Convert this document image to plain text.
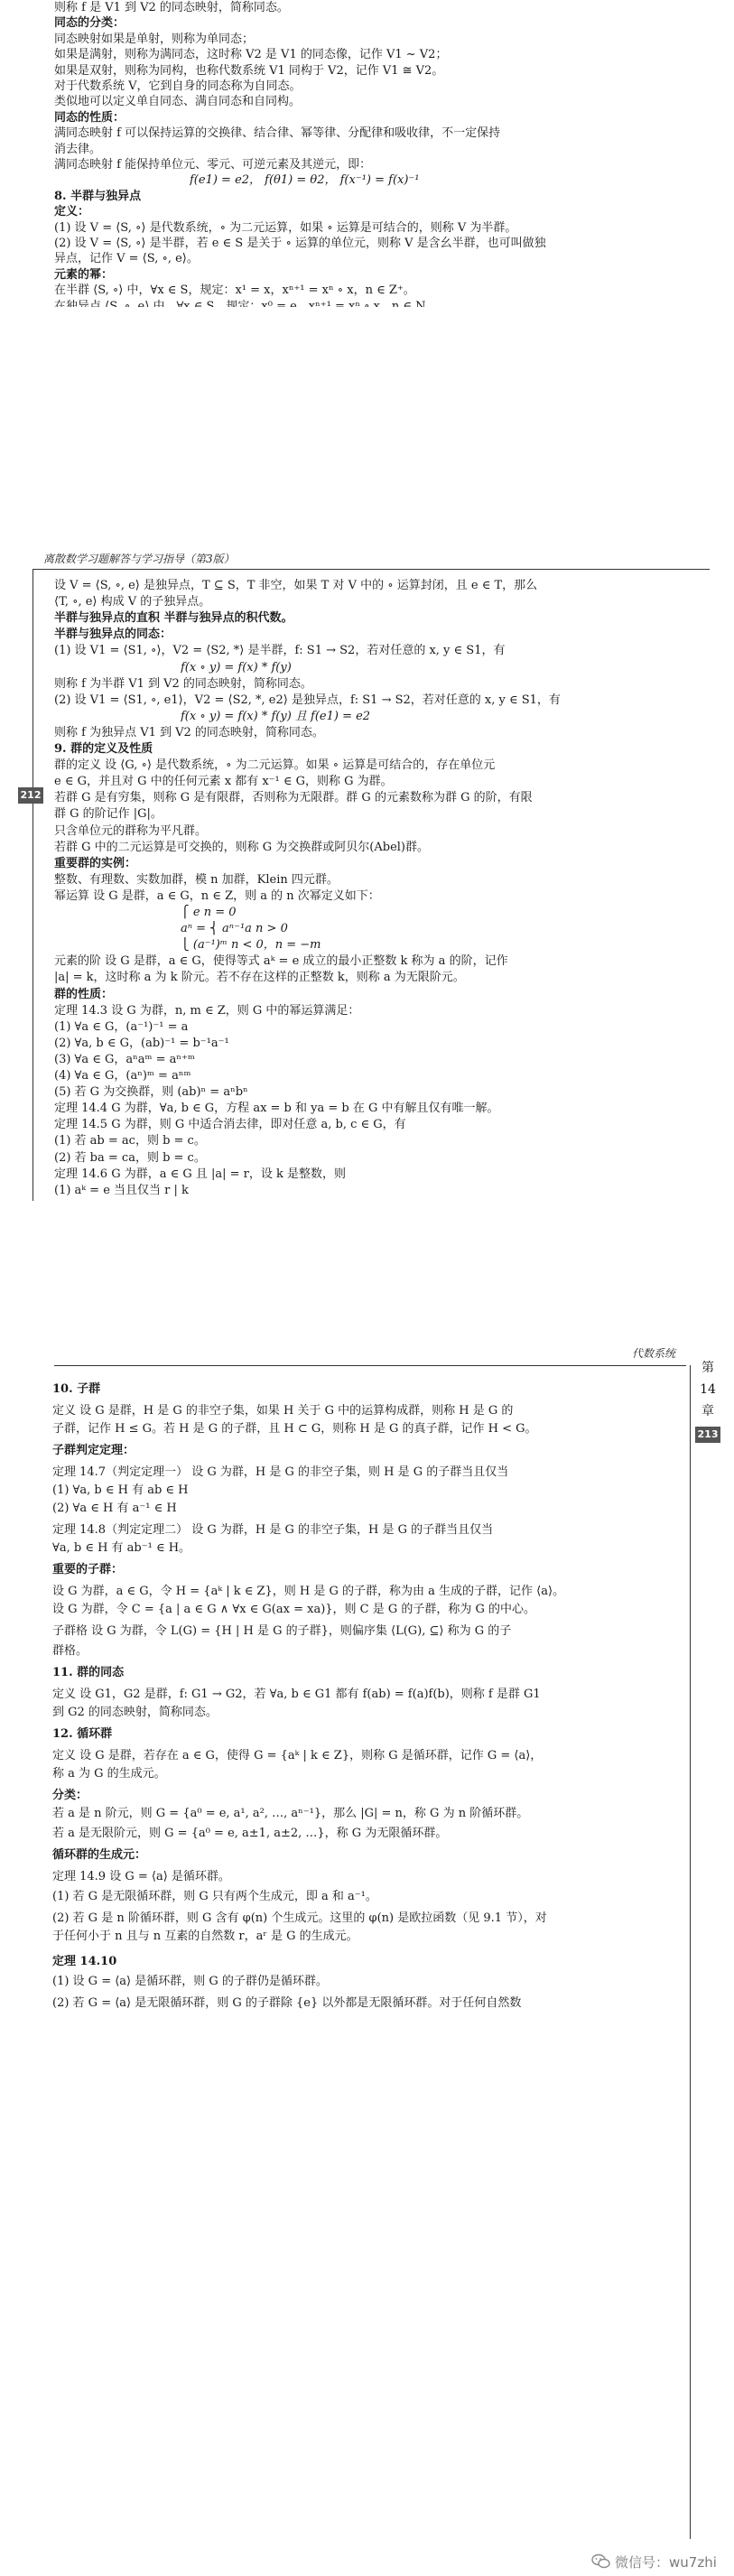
则称 f 是 V1 到 V2 的同态映射，简称同态。
同态的分类：
同态映射如果是单射，则称为单同态；
如果是满射，则称为满同态，这时称 V2 是 V1 的同态像，记作 V1 ~ V2；
如果是双射，则称为同构，也称代数系统 V1 同构于 V2，记作 V1 ≅ V2。
对于代数系统 V，它到自身的同态称为自同态。
类似地可以定义单自同态、满自同态和自同构。
同态的性质：
满同态映射 f 可以保持运算的交换律、结合律、幂等律、分配律和吸收律，不一定保持
消去律。
满同态映射 f 能保持单位元、零元、可逆元素及其逆元，即：
f(e1) = e2， f(θ1) = θ2， f(x⁻¹) = f(x)⁻¹
8. 半群与独异点
定义：
(1) 设 V = ⟨S, ∘⟩ 是代数系统，∘ 为二元运算，如果 ∘ 运算是可结合的，则称 V 为半群。
(2) 设 V = ⟨S, ∘⟩ 是半群，若 e ∈ S 是关于 ∘ 运算的单位元，则称 V 是含幺半群，也可叫做独
异点，记作 V = ⟨S, ∘, e⟩。
元素的幂：
在半群 ⟨S, ∘⟩ 中，∀x ∈ S，规定：x¹ = x，xⁿ⁺¹ = xⁿ ∘ x，n ∈ Z⁺。
离散数学习题解答与学习指导（第3版）
212
设 V = ⟨S, ∘, e⟩ 是独异点，T ⊆ S，T 非空，如果 T 对 V 中的 ∘ 运算封闭，且 e ∈ T，那么
⟨T, ∘, e⟩ 构成 V 的子独异点。
半群与独异点的直积 半群与独异点的积代数。
半群与独异点的同态：
(1) 设 V1 = ⟨S1, ∘⟩，V2 = ⟨S2, *⟩ 是半群，f: S1 → S2，若对任意的 x, y ∈ S1，有
f(x ∘ y) = f(x) * f(y)
则称 f 为半群 V1 到 V2 的同态映射，简称同态。
(2) 设 V1 = ⟨S1, ∘, e1⟩，V2 = ⟨S2, *, e2⟩ 是独异点，f: S1 → S2，若对任意的 x, y ∈ S1，有
f(x ∘ y) = f(x) * f(y) 且 f(e1) = e2
则称 f 为独异点 V1 到 V2 的同态映射，简称同态。
9. 群的定义及性质
群的定义 设 ⟨G, ∘⟩ 是代数系统，∘ 为二元运算。如果 ∘ 运算是可结合的，存在单位元
e ∈ G，并且对 G 中的任何元素 x 都有 x⁻¹ ∈ G，则称 G 为群。
若群 G 是有穷集，则称 G 是有限群，否则称为无限群。群 G 的元素数称为群 G 的阶，有限
群 G 的阶记作 |G|。
只含单位元的群称为平凡群。
若群 G 中的二元运算是可交换的，则称 G 为交换群或阿贝尔(Abel)群。
重要群的实例：
整数、有理数、实数加群，模 n 加群，Klein 四元群。
幂运算 设 G 是群，a ∈ G，n ∈ Z，则 a 的 n 次幂定义如下：
⎧ e n = 0
aⁿ = ⎨ aⁿ⁻¹a n > 0
⎩ (a⁻¹)ᵐ n < 0，n = −m
元素的阶 设 G 是群，a ∈ G，使得等式 aᵏ = e 成立的最小正整数 k 称为 a 的阶，记作
|a| = k，这时称 a 为 k 阶元。若不存在这样的正整数 k，则称 a 为无限阶元。
群的性质：
定理 14.3 设 G 为群，n, m ∈ Z，则 G 中的幂运算满足：
(1) ∀a ∈ G，(a⁻¹)⁻¹ = a
(2) ∀a, b ∈ G，(ab)⁻¹ = b⁻¹a⁻¹
(3) ∀a ∈ G，aⁿaᵐ = aⁿ⁺ᵐ
(4) ∀a ∈ G，(aⁿ)ᵐ = aⁿᵐ
(5) 若 G 为交换群，则 (ab)ⁿ = aⁿbⁿ
定理 14.4 G 为群，∀a, b ∈ G，方程 ax = b 和 ya = b 在 G 中有解且仅有唯一解。
定理 14.5 G 为群，则 G 中适合消去律，即对任意 a, b, c ∈ G，有
(1) 若 ab = ac，则 b = c。
(2) 若 ba = ca，则 b = c。
定理 14.6 G 为群，a ∈ G 且 |a| = r，设 k 是整数，则
(1) aᵏ = e 当且仅当 r | k
代数系统
第
14
章
213
10. 子群
定义 设 G 是群，H 是 G 的非空子集，如果 H 关于 G 中的运算构成群，则称 H 是 G 的
子群，记作 H ≤ G。若 H 是 G 的子群，且 H ⊂ G，则称 H 是 G 的真子群，记作 H < G。
子群判定定理：
定理 14.7（判定定理一） 设 G 为群，H 是 G 的非空子集，则 H 是 G 的子群当且仅当
(1) ∀a, b ∈ H 有 ab ∈ H
(2) ∀a ∈ H 有 a⁻¹ ∈ H
定理 14.8（判定定理二） 设 G 为群，H 是 G 的非空子集，H 是 G 的子群当且仅当
∀a, b ∈ H 有 ab⁻¹ ∈ H。
重要的子群：
设 G 为群，a ∈ G，令 H = {aᵏ | k ∈ Z}，则 H 是 G 的子群，称为由 a 生成的子群，记作 ⟨a⟩。
设 G 为群，令 C = {a | a ∈ G ∧ ∀x ∈ G(ax = xa)}，则 C 是 G 的子群，称为 G 的中心。
子群格 设 G 为群，令 L(G) = {H | H 是 G 的子群}，则偏序集 ⟨L(G), ⊆⟩ 称为 G 的子
群格。
11. 群的同态
定义 设 G1，G2 是群，f: G1 → G2，若 ∀a, b ∈ G1 都有 f(ab) = f(a)f(b)，则称 f 是群 G1
到 G2 的同态映射，简称同态。
12. 循环群
定义 设 G 是群，若存在 a ∈ G，使得 G = {aᵏ | k ∈ Z}，则称 G 是循环群，记作 G = ⟨a⟩，
称 a 为 G 的生成元。
分类：
若 a 是 n 阶元，则 G = {a⁰ = e, a¹, a², …, aⁿ⁻¹}，那么 |G| = n，称 G 为 n 阶循环群。
若 a 是无限阶元，则 G = {a⁰ = e, a±1, a±2, …}，称 G 为无限循环群。
循环群的生成元：
定理 14.9 设 G = ⟨a⟩ 是循环群。
(1) 若 G 是无限循环群，则 G 只有两个生成元，即 a 和 a⁻¹。
(2) 若 G 是 n 阶循环群，则 G 含有 φ(n) 个生成元。这里的 φ(n) 是欧拉函数（见 9.1 节），对
于任何小于 n 且与 n 互素的自然数 r，aʳ 是 G 的生成元。
定理 14.10
(1) 设 G = ⟨a⟩ 是循环群，则 G 的子群仍是循环群。
(2) 若 G = ⟨a⟩ 是无限循环群，则 G 的子群除 {e} 以外都是无限循环群。对于任何自然数
微信号：wu7zhi
